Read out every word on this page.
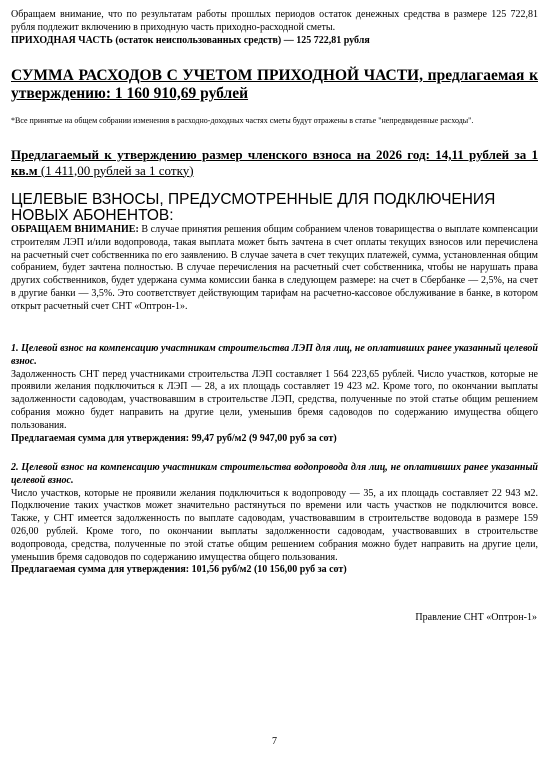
Обращаем внимание, что по результатам работы прошлых периодов остаток денежных средства в размере 125 722,81 рубля подлежит включению в приходную часть приходно-расходной сметы.

ПРИХОДНАЯ ЧАСТЬ (остаток неиспользованных средств) — 125 722,81 рубля

СУММА РАСХОДОВ С УЧЕТОМ ПРИХОДНОЙ ЧАСТИ, предлагаемая к утверждению: 1 160 910,69 рублей

*Все принятые на общем собрании изменения в расходно-доходных частях сметы будут отражены в статье "непредвиденные расходы".

Предлагаемый к утверждению размер членского взноса на 2026 год: 14,11 рублей за 1 кв.м (1 411,00 рублей за 1 сотку)

ЦЕЛЕВЫЕ ВЗНОСЫ, ПРЕДУСМОТРЕННЫЕ ДЛЯ ПОДКЛЮЧЕНИЯ НОВЫХ АБОНЕНТОВ:

ОБРАЩАЕМ ВНИМАНИЕ: В случае принятия решения общим собранием членов товарищества о выплате компенсации строителям ЛЭП и/или водопровода, такая выплата может быть зачтена в счет оплаты текущих взносов или перечислена на расчетный счет собственника по его заявлению. В случае зачета в счет текущих платежей, сумма, установленная общим собранием, будет зачтена полностью. В случае перечисления на расчетный счет собственника, чтобы не нарушать права других собственников, будет удержана сумма комиссии банка в следующем размере: на счет в Сбербанке — 2,5%, на счет в другие банки — 3,5%. Это соответствует действующим тарифам на расчетно-кассовое обслуживание в банке, в котором открыт расчетный счет СНТ «Оптрон-1».

1. Целевой взнос на компенсацию участникам строительства ЛЭП для лиц, не оплативших ранее указанный целевой взнос.

Задолженность СНТ перед участниками строительства ЛЭП составляет 1 564 223,65 рублей. Число участков, которые не проявили желания подключиться к ЛЭП — 28, а их площадь составляет 19 423 м2. Кроме того, по окончании выплаты задолженности садоводам, участвовавшим в строительстве ЛЭП, средства, полученные по этой статье общим решением собрания можно будет направить на другие цели, уменьшив бремя садоводов по содержанию имущества общего пользования.

Предлагаемая сумма для утверждения: 99,47 руб/м2 (9 947,00 руб за сот)

2. Целевой взнос на компенсацию участникам строительства водопровода для лиц, не оплативших ранее указанный целевой взнос.

Число участков, которые не проявили желания подключиться к водопроводу — 35, а их площадь составляет 22 943 м2. Подключение таких участков может значительно растянуться по времени или часть участков не подключится вовсе. Также, у СНТ имеется задолженность по выплате садоводам, участвовавшим в строительстве водовода в размере 159 026,00 рублей. Кроме того, по окончании выплаты задолженности садоводам, участвовавших в строительстве водопровода, средства, полученные по этой статье общим решением собрания можно будет направить на другие цели, уменьшив бремя садоводов по содержанию имущества общего пользования.

Предлагаемая сумма для утверждения: 101,56 руб/м2 (10 156,00 руб за сот)

Правление СНТ «Оптрон-1»
7
